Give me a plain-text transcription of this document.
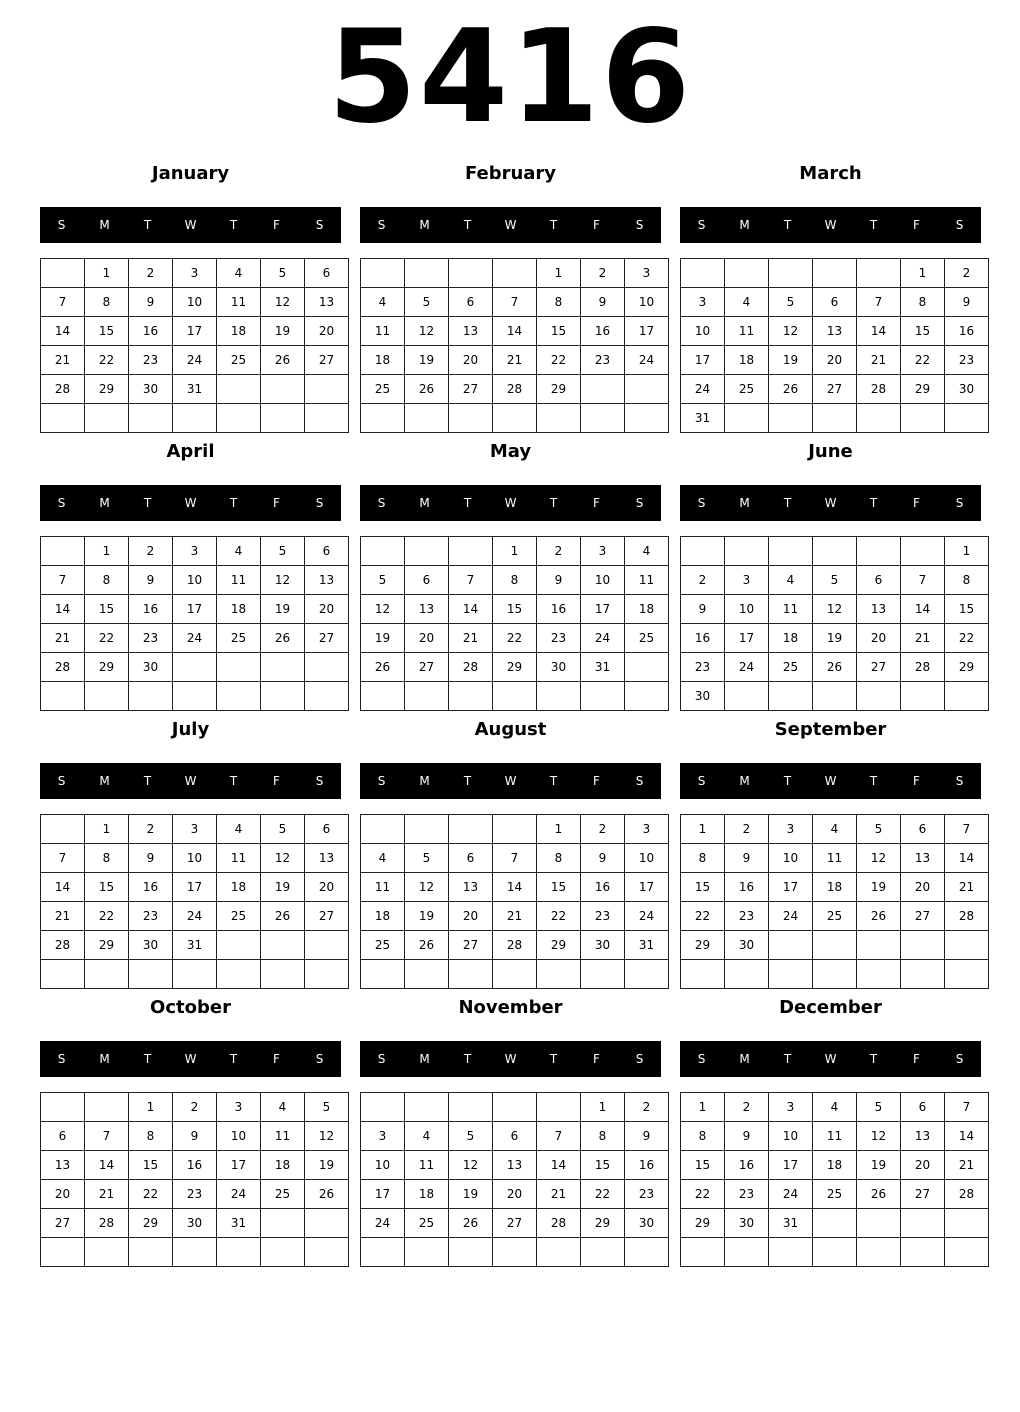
5416
January
S	M	T	W	T	F	S
	1	2	3	4	5	6
7	8	9	10	11	12	13
14	15	16	17	18	19	20
21	22	23	24	25	26	27
28	29	30	31			

February
S	M	T	W	T	F	S
				1	2	3
4	5	6	7	8	9	10
11	12	13	14	15	16	17
18	19	20	21	22	23	24
25	26	27	28	29		

March
S	M	T	W	T	F	S
					1	2
3	4	5	6	7	8	9
10	11	12	13	14	15	16
17	18	19	20	21	22	23
24	25	26	27	28	29	30
31						
April
S	M	T	W	T	F	S
	1	2	3	4	5	6
7	8	9	10	11	12	13
14	15	16	17	18	19	20
21	22	23	24	25	26	27
28	29	30				

May
S	M	T	W	T	F	S
			1	2	3	4
5	6	7	8	9	10	11
12	13	14	15	16	17	18
19	20	21	22	23	24	25
26	27	28	29	30	31	

June
S	M	T	W	T	F	S
						1
2	3	4	5	6	7	8
9	10	11	12	13	14	15
16	17	18	19	20	21	22
23	24	25	26	27	28	29
30						
July
S	M	T	W	T	F	S
	1	2	3	4	5	6
7	8	9	10	11	12	13
14	15	16	17	18	19	20
21	22	23	24	25	26	27
28	29	30	31			

August
S	M	T	W	T	F	S
				1	2	3
4	5	6	7	8	9	10
11	12	13	14	15	16	17
18	19	20	21	22	23	24
25	26	27	28	29	30	31

September
S	M	T	W	T	F	S
1	2	3	4	5	6	7
8	9	10	11	12	13	14
15	16	17	18	19	20	21
22	23	24	25	26	27	28
29	30					

October
S	M	T	W	T	F	S
		1	2	3	4	5
6	7	8	9	10	11	12
13	14	15	16	17	18	19
20	21	22	23	24	25	26
27	28	29	30	31		

November
S	M	T	W	T	F	S
					1	2
3	4	5	6	7	8	9
10	11	12	13	14	15	16
17	18	19	20	21	22	23
24	25	26	27	28	29	30

December
S	M	T	W	T	F	S
1	2	3	4	5	6	7
8	9	10	11	12	13	14
15	16	17	18	19	20	21
22	23	24	25	26	27	28
29	30	31				
